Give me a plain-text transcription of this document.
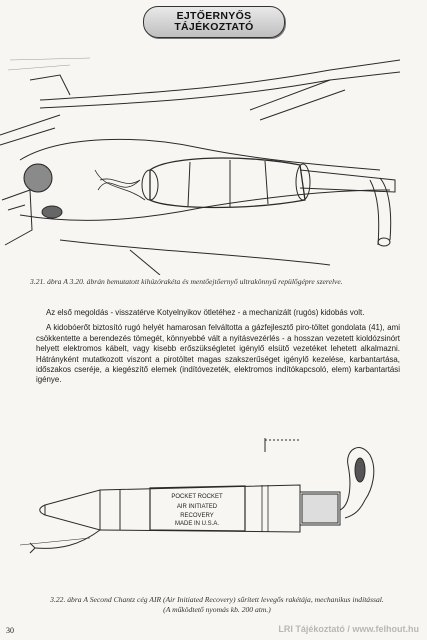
EJTŐERNYŐS
TÁJÉKOZTATÓ
3.21. ábra A 3.20. ábrán bemutatott kihúzórakéta és mentőejtőernyő ultrakönnyű repülőgépre szerelve.

Az első megoldás - visszatérve Kotyelnyikov ötletéhez - a mechanizált (rugós) kidobás volt.

A kidobóerőt biztosító rugó helyét hamarosan felváltotta a gázfejlesztő piro-töltet gondolata (41), ami csökkentette a berendezés tömegét, könnyebbé vált a nyitásvezérlés - a hosszan vezetett kioldózsinórt helyett elektromos kábelt, vagy kisebb erőszükségletet igénylő elsütő vezetéket lehetett alkalmazni. Hátrányként mutatkozott viszont a pirotöltet magas szakszerűséget igénylő kezelése, karbantartása, időszakos cseréje, a kiegészítő elemek (indítóvezeték, elektromos indítókapcsoló, elem) karbantartási igénye.

POCKET ROCKET
AIR INITIATED
RECOVERY
MADE IN U.S.A.
3.22. ábra A Second Chantz cég AIR (Air Initiated Recovery) sűrített levegős rakétája, mechanikus indítással.
(A működtető nyomás kb. 200 atm.)
30	LRI Tájékoztató / www.felhout.hu
